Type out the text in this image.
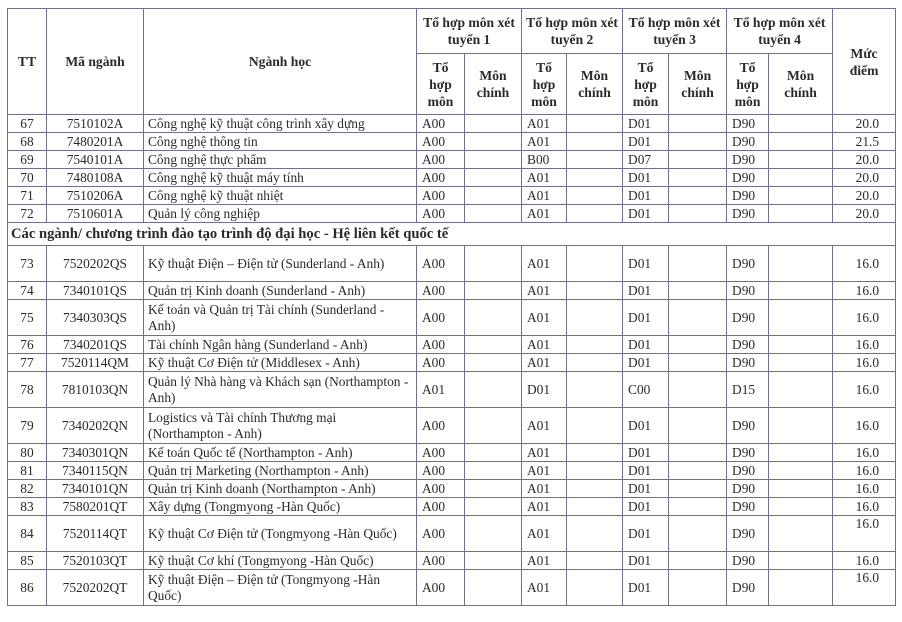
TT	Mã ngành	Ngành học	Tổ hợp môn xét tuyển 1		Tổ hợp môn xét tuyển 2		Tổ hợp môn xét tuyển 3		Tổ hợp môn xét tuyển 4		Mức điểm
			Tổ hợp môn	Môn chính	Tổ hợp môn	Môn chính	Tổ hợp môn	Môn chính	Tổ hợp môn	Môn chính	
67	7510102A	Công nghệ kỹ thuật công trình xây dựng	A00		A01		D01		D90		20.0
68	7480201A	Công nghệ thông tin	A00		A01		D01		D90		21.5
69	7540101A	Công nghệ thực phẩm	A00		B00		D07		D90		20.0
70	7480108A	Công nghệ kỹ thuật máy tính	A00		A01		D01		D90		20.0
71	7510206A	Công nghệ kỹ thuật nhiệt	A00		A01		D01		D90		20.0
72	7510601A	Quản lý công nghiệp	A00		A01		D01		D90		20.0
Các ngành/ chương trình đào tạo trình độ đại học - Hệ liên kết quốc tế											
73	7520202QS	Kỹ thuật Điện – Điện tử (Sunderland - Anh)	A00		A01		D01		D90		16.0
74	7340101QS	Quản trị Kinh doanh (Sunderland - Anh)	A00		A01		D01		D90		16.0
75	7340303QS	Kế toán và Quản trị Tài chính (Sunderland - Anh)	A00		A01		D01		D90		16.0
76	7340201QS	Tài chính Ngân hàng (Sunderland - Anh)	A00		A01		D01		D90		16.0
77	7520114QM	Kỹ thuật Cơ Điện tử (Middlesex - Anh)	A00		A01		D01		D90		16.0
78	7810103QN	Quản lý Nhà hàng và Khách sạn (Northampton - Anh)	A01		D01		C00		D15		16.0
79	7340202QN	Logistics và Tài chính Thương mại (Northampton - Anh)	A00		A01		D01		D90		16.0
80	7340301QN	Kế toán Quốc tế (Northampton - Anh)	A00		A01		D01		D90		16.0
81	7340115QN	Quản trị Marketing (Northampton - Anh)	A00		A01		D01		D90		16.0
82	7340101QN	Quản trị Kinh doanh (Northampton - Anh)	A00		A01		D01		D90		16.0
83	7580201QT	Xây dựng (Tongmyong -Hàn Quốc)	A00		A01		D01		D90		16.0
84	7520114QT	Kỹ thuật Cơ Điện tử (Tongmyong -Hàn Quốc)	A00		A01		D01		D90		16.0
85	7520103QT	Kỹ thuật Cơ khí (Tongmyong -Hàn Quốc)	A00		A01		D01		D90		16.0
86	7520202QT	Kỹ thuật Điện – Điện tử (Tongmyong -Hàn Quốc)	A00		A01		D01		D90		16.0
